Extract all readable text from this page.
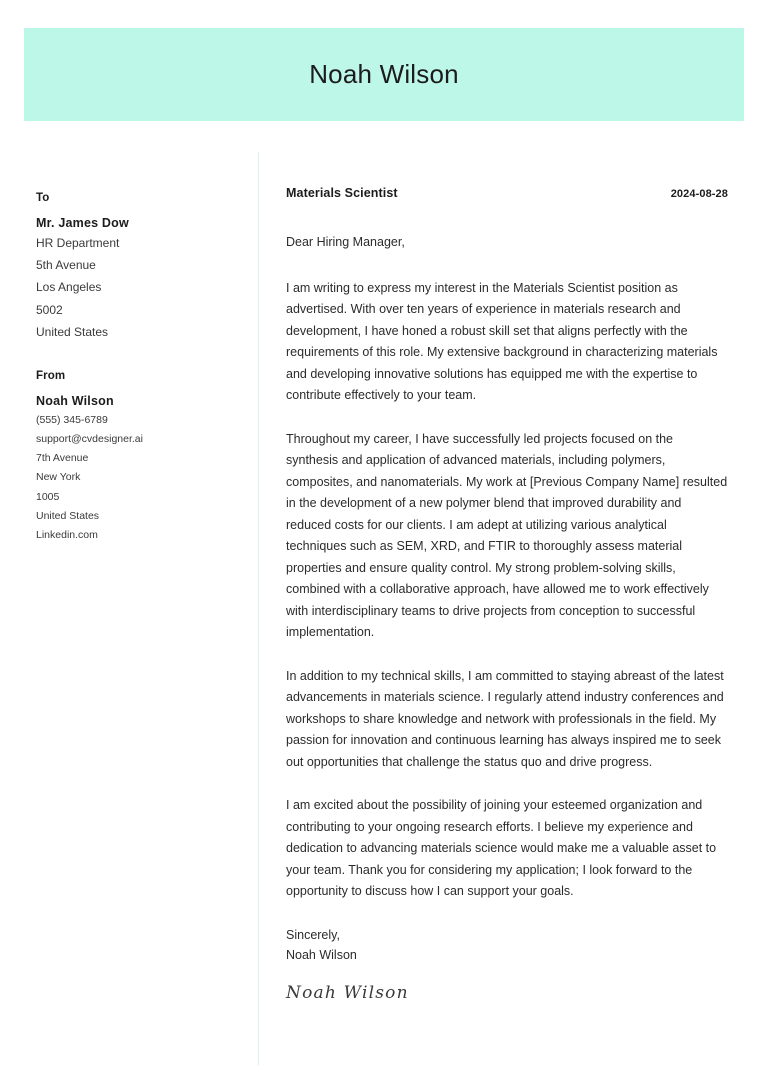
Noah Wilson
To
Mr. James Dow
HR Department
5th Avenue
Los Angeles
5002
United States
From
Noah Wilson
(555) 345-6789
support@cvdesigner.ai
7th Avenue
New York
1005
United States
Linkedin.com
Materials Scientist	2024-08-28

Dear Hiring Manager,

I am writing to express my interest in the Materials Scientist position as advertised. With over ten years of experience in materials research and development, I have honed a robust skill set that aligns perfectly with the requirements of this role. My extensive background in characterizing materials and developing innovative solutions has equipped me with the expertise to contribute effectively to your team.

Throughout my career, I have successfully led projects focused on the synthesis and application of advanced materials, including polymers, composites, and nanomaterials. My work at [Previous Company Name] resulted in the development of a new polymer blend that improved durability and reduced costs for our clients. I am adept at utilizing various analytical techniques such as SEM, XRD, and FTIR to thoroughly assess material properties and ensure quality control. My strong problem-solving skills, combined with a collaborative approach, have allowed me to work effectively with interdisciplinary teams to drive projects from conception to successful implementation.

In addition to my technical skills, I am committed to staying abreast of the latest advancements in materials science. I regularly attend industry conferences and workshops to share knowledge and network with professionals in the field. My passion for innovation and continuous learning has always inspired me to seek out opportunities that challenge the status quo and drive progress.

I am excited about the possibility of joining your esteemed organization and contributing to your ongoing research efforts. I believe my experience and dedication to advancing materials science would make me a valuable asset to your team. Thank you for considering my application; I look forward to the opportunity to discuss how I can support your goals.

Sincerely,
Noah Wilson
Noah Wilson
